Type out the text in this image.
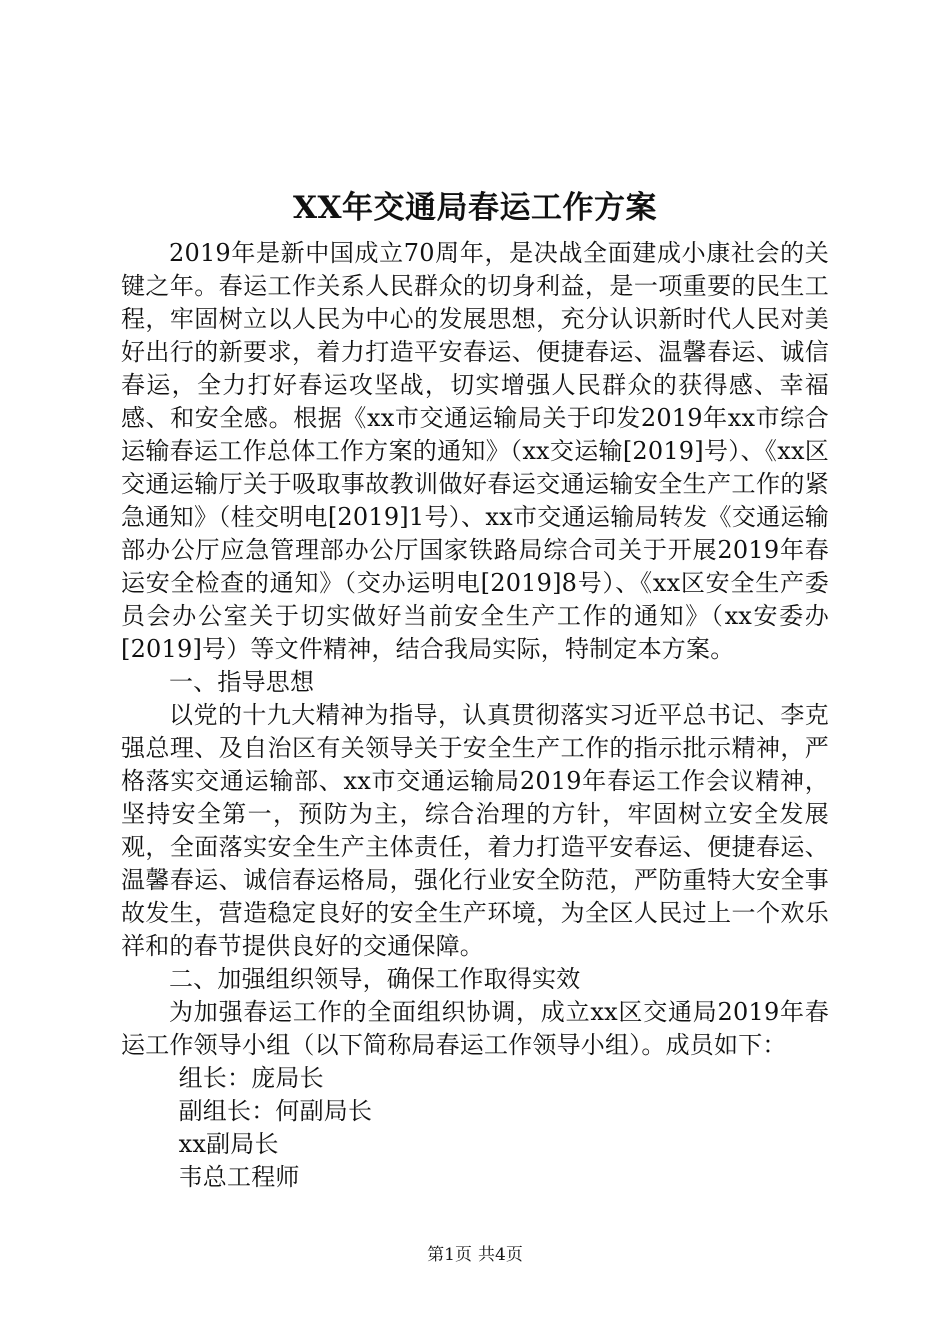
XX年交通局春运工作方案

2019年是新中国成立70周年，是决战全面建成小康社会的关键之年。春运工作关系人民群众的切身利益，是一项重要的民生工程，牢固树立以人民为中心的发展思想，充分认识新时代人民对美好出行的新要求，着力打造平安春运、便捷春运、温馨春运、诚信春运，全力打好春运攻坚战，切实增强人民群众的获得感、幸福感、和安全感。根据《xx市交通运输局关于印发2019年xx市综合运输春运工作总体工作方案的通知》（xx交运输[2019]号）、《xx区交通运输厅关于吸取事故教训做好春运交通运输安全生产工作的紧急通知》（桂交明电[2019]1号）、xx市交通运输局转发《交通运输部办公厅应急管理部办公厅国家铁路局综合司关于开展2019年春运安全检查的通知》（交办运明电[2019]8号）、《xx区安全生产委员会办公室关于切实做好当前安全生产工作的通知》（xx安委办[2019]号）等文件精神，结合我局实际，特制定本方案。

一、指导思想

以党的十九大精神为指导，认真贯彻落实习近平总书记、李克强总理、及自治区有关领导关于安全生产工作的指示批示精神，严格落实交通运输部、xx市交通运输局2019年春运工作会议精神，坚持安全第一，预防为主，综合治理的方针，牢固树立安全发展观，全面落实安全生产主体责任，着力打造平安春运、便捷春运、温馨春运、诚信春运格局，强化行业安全防范，严防重特大安全事故发生，营造稳定良好的安全生产环境，为全区人民过上一个欢乐祥和的春节提供良好的交通保障。

二、加强组织领导，确保工作取得实效

为加强春运工作的全面组织协调，成立xx区交通局2019年春运工作领导小组（以下简称局春运工作领导小组）。成员如下：

组长：庞局长

副组长：何副局长

xx副局长

韦总工程师

第1页 共4页
